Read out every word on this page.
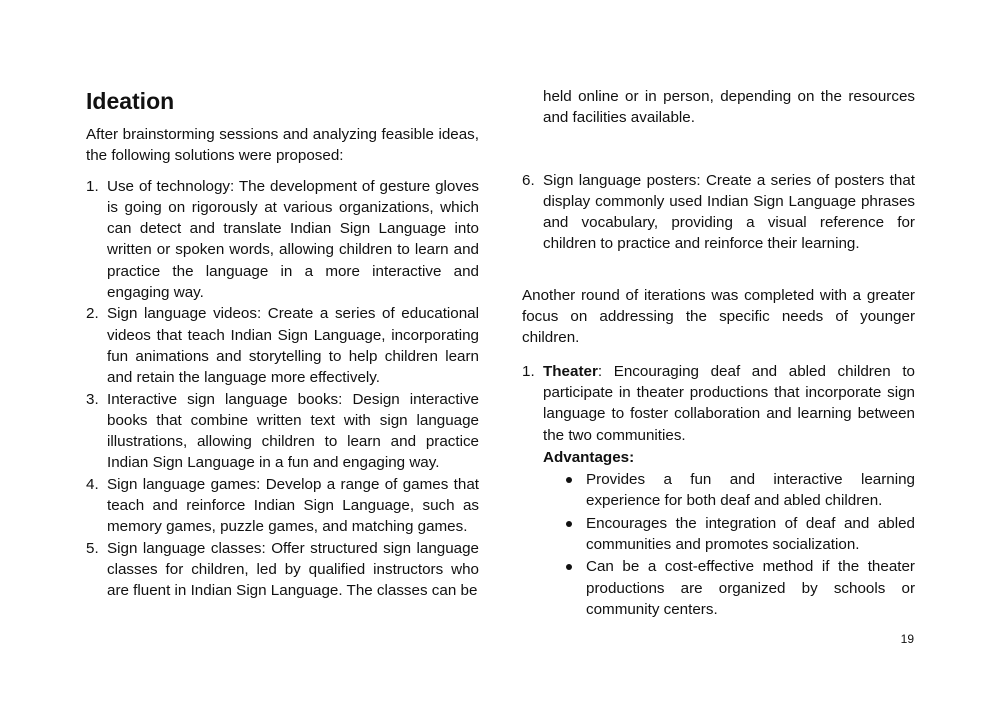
Ideation

After brainstorming sessions and analyzing feasible ideas, the following solutions were proposed:

1. Use of technology: The development of gesture gloves is going on rigorously at various organizations, which can detect and translate Indian Sign Language into written or spoken words, allowing children to learn and practice the language in a more interactive and engaging way.
2. Sign language videos: Create a series of educational videos that teach Indian Sign Language, incorporating fun animations and storytelling to help children learn and retain the language more effectively.
3. Interactive sign language books: Design interactive books that combine written text with sign language illustrations, allowing children to learn and practice Indian Sign Language in a fun and engaging way.
4. Sign language games: Develop a range of games that teach and reinforce Indian Sign Language, such as memory games, puzzle games, and matching games.
5. Sign language classes: Offer structured sign language classes for children, led by qualified instructors who are fluent in Indian Sign Language. The classes can be

held online or in person, depending on the resources and facilities available.

6. Sign language posters: Create a series of posters that display commonly used Indian Sign Language phrases and vocabulary, providing a visual reference for children to practice and reinforce their learning.

Another round of iterations was completed with a greater focus on addressing the specific needs of younger children.

1. Theater: Encouraging deaf and abled children to participate in theater productions that incorporate sign language to foster collaboration and learning between the two communities.
Advantages:
Provides a fun and interactive learning experience for both deaf and abled children.
Encourages the integration of deaf and abled communities and promotes socialization.
Can be a cost-effective method if the theater productions are organized by schools or community centers.
19
